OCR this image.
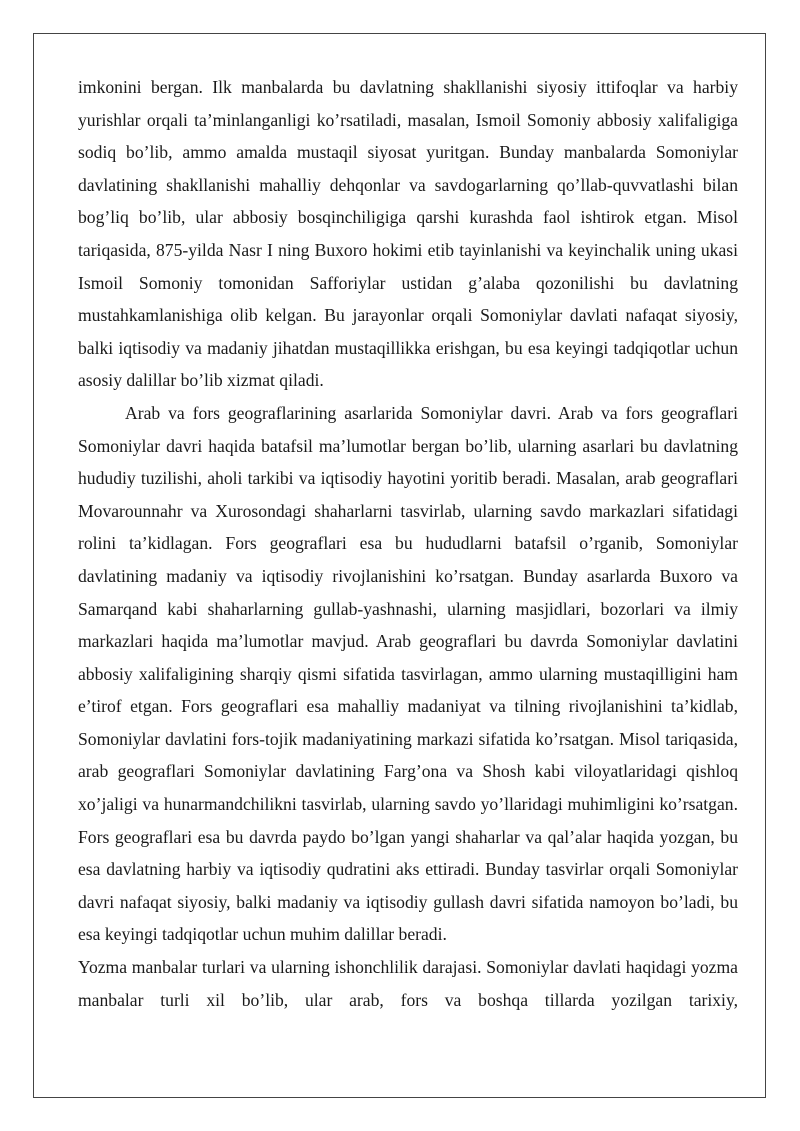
imkonini bergan. Ilk manbalarda bu davlatning shakllanishi siyosiy ittifoqlar va harbiy yurishlar orqali ta’minlanganligi ko’rsatiladi, masalan, Ismoil Somoniy abbosiy xalifaligiga sodiq bo’lib, ammo amalda mustaqil siyosat yuritgan. Bunday manbalarda Somoniylar davlatining shakllanishi mahalliy dehqonlar va savdogarlarning qo’llab-quvvatlashi bilan bog’liq bo’lib, ular abbosiy bosqinchiligiga qarshi kurashda faol ishtirok etgan. Misol tariqasida, 875-yilda Nasr I ning Buxoro hokimi etib tayinlanishi va keyinchalik uning ukasi Ismoil Somoniy tomonidan Safforiylar ustidan g’alaba qozonilishi bu davlatning mustahkamlanishiga olib kelgan. Bu jarayonlar orqali Somoniylar davlati nafaqat siyosiy, balki iqtisodiy va madaniy jihatdan mustaqillikka erishgan, bu esa keyingi tadqiqotlar uchun asosiy dalillar bo’lib xizmat qiladi.

Arab va fors geograflarining asarlarida Somoniylar davri. Arab va fors geograflari Somoniylar davri haqida batafsil ma’lumotlar bergan bo’lib, ularning asarlari bu davlatning hududiy tuzilishi, aholi tarkibi va iqtisodiy hayotini yoritib beradi. Masalan, arab geograflari Movarounnahr va Xurosondagi shaharlarni tasvirlab, ularning savdo markazlari sifatidagi rolini ta’kidlagan. Fors geograflari esa bu hududlarni batafsil o’rganib, Somoniylar davlatining madaniy va iqtisodiy rivojlanishini ko’rsatgan. Bunday asarlarda Buxoro va Samarqand kabi shaharlarning gullab-yashnashi, ularning masjidlari, bozorlari va ilmiy markazlari haqida ma’lumotlar mavjud. Arab geograflari bu davrda Somoniylar davlatini abbosiy xalifaligining sharqiy qismi sifatida tasvirlagan, ammo ularning mustaqilligini ham e’tirof etgan. Fors geograflari esa mahalliy madaniyat va tilning rivojlanishini ta’kidlab, Somoniylar davlatini fors-tojik madaniyatining markazi sifatida ko’rsatgan. Misol tariqasida, arab geograflari Somoniylar davlatining Farg’ona va Shosh kabi viloyatlaridagi qishloq xo’jaligi va hunarmandchilikni tasvirlab, ularning savdo yo’llaridagi muhimligini ko’rsatgan. Fors geograflari esa bu davrda paydo bo’lgan yangi shaharlar va qal’alar haqida yozgan, bu esa davlatning harbiy va iqtisodiy qudratini aks ettiradi. Bunday tasvirlar orqali Somoniylar davri nafaqat siyosiy, balki madaniy va iqtisodiy gullash davri sifatida namoyon bo’ladi, bu esa keyingi tadqiqotlar uchun muhim dalillar beradi.

Yozma manbalar turlari va ularning ishonchlilik darajasi. Somoniylar davlati haqidagi yozma manbalar turli xil bo’lib, ular arab, fors va boshqa tillarda yozilgan tarixiy,
